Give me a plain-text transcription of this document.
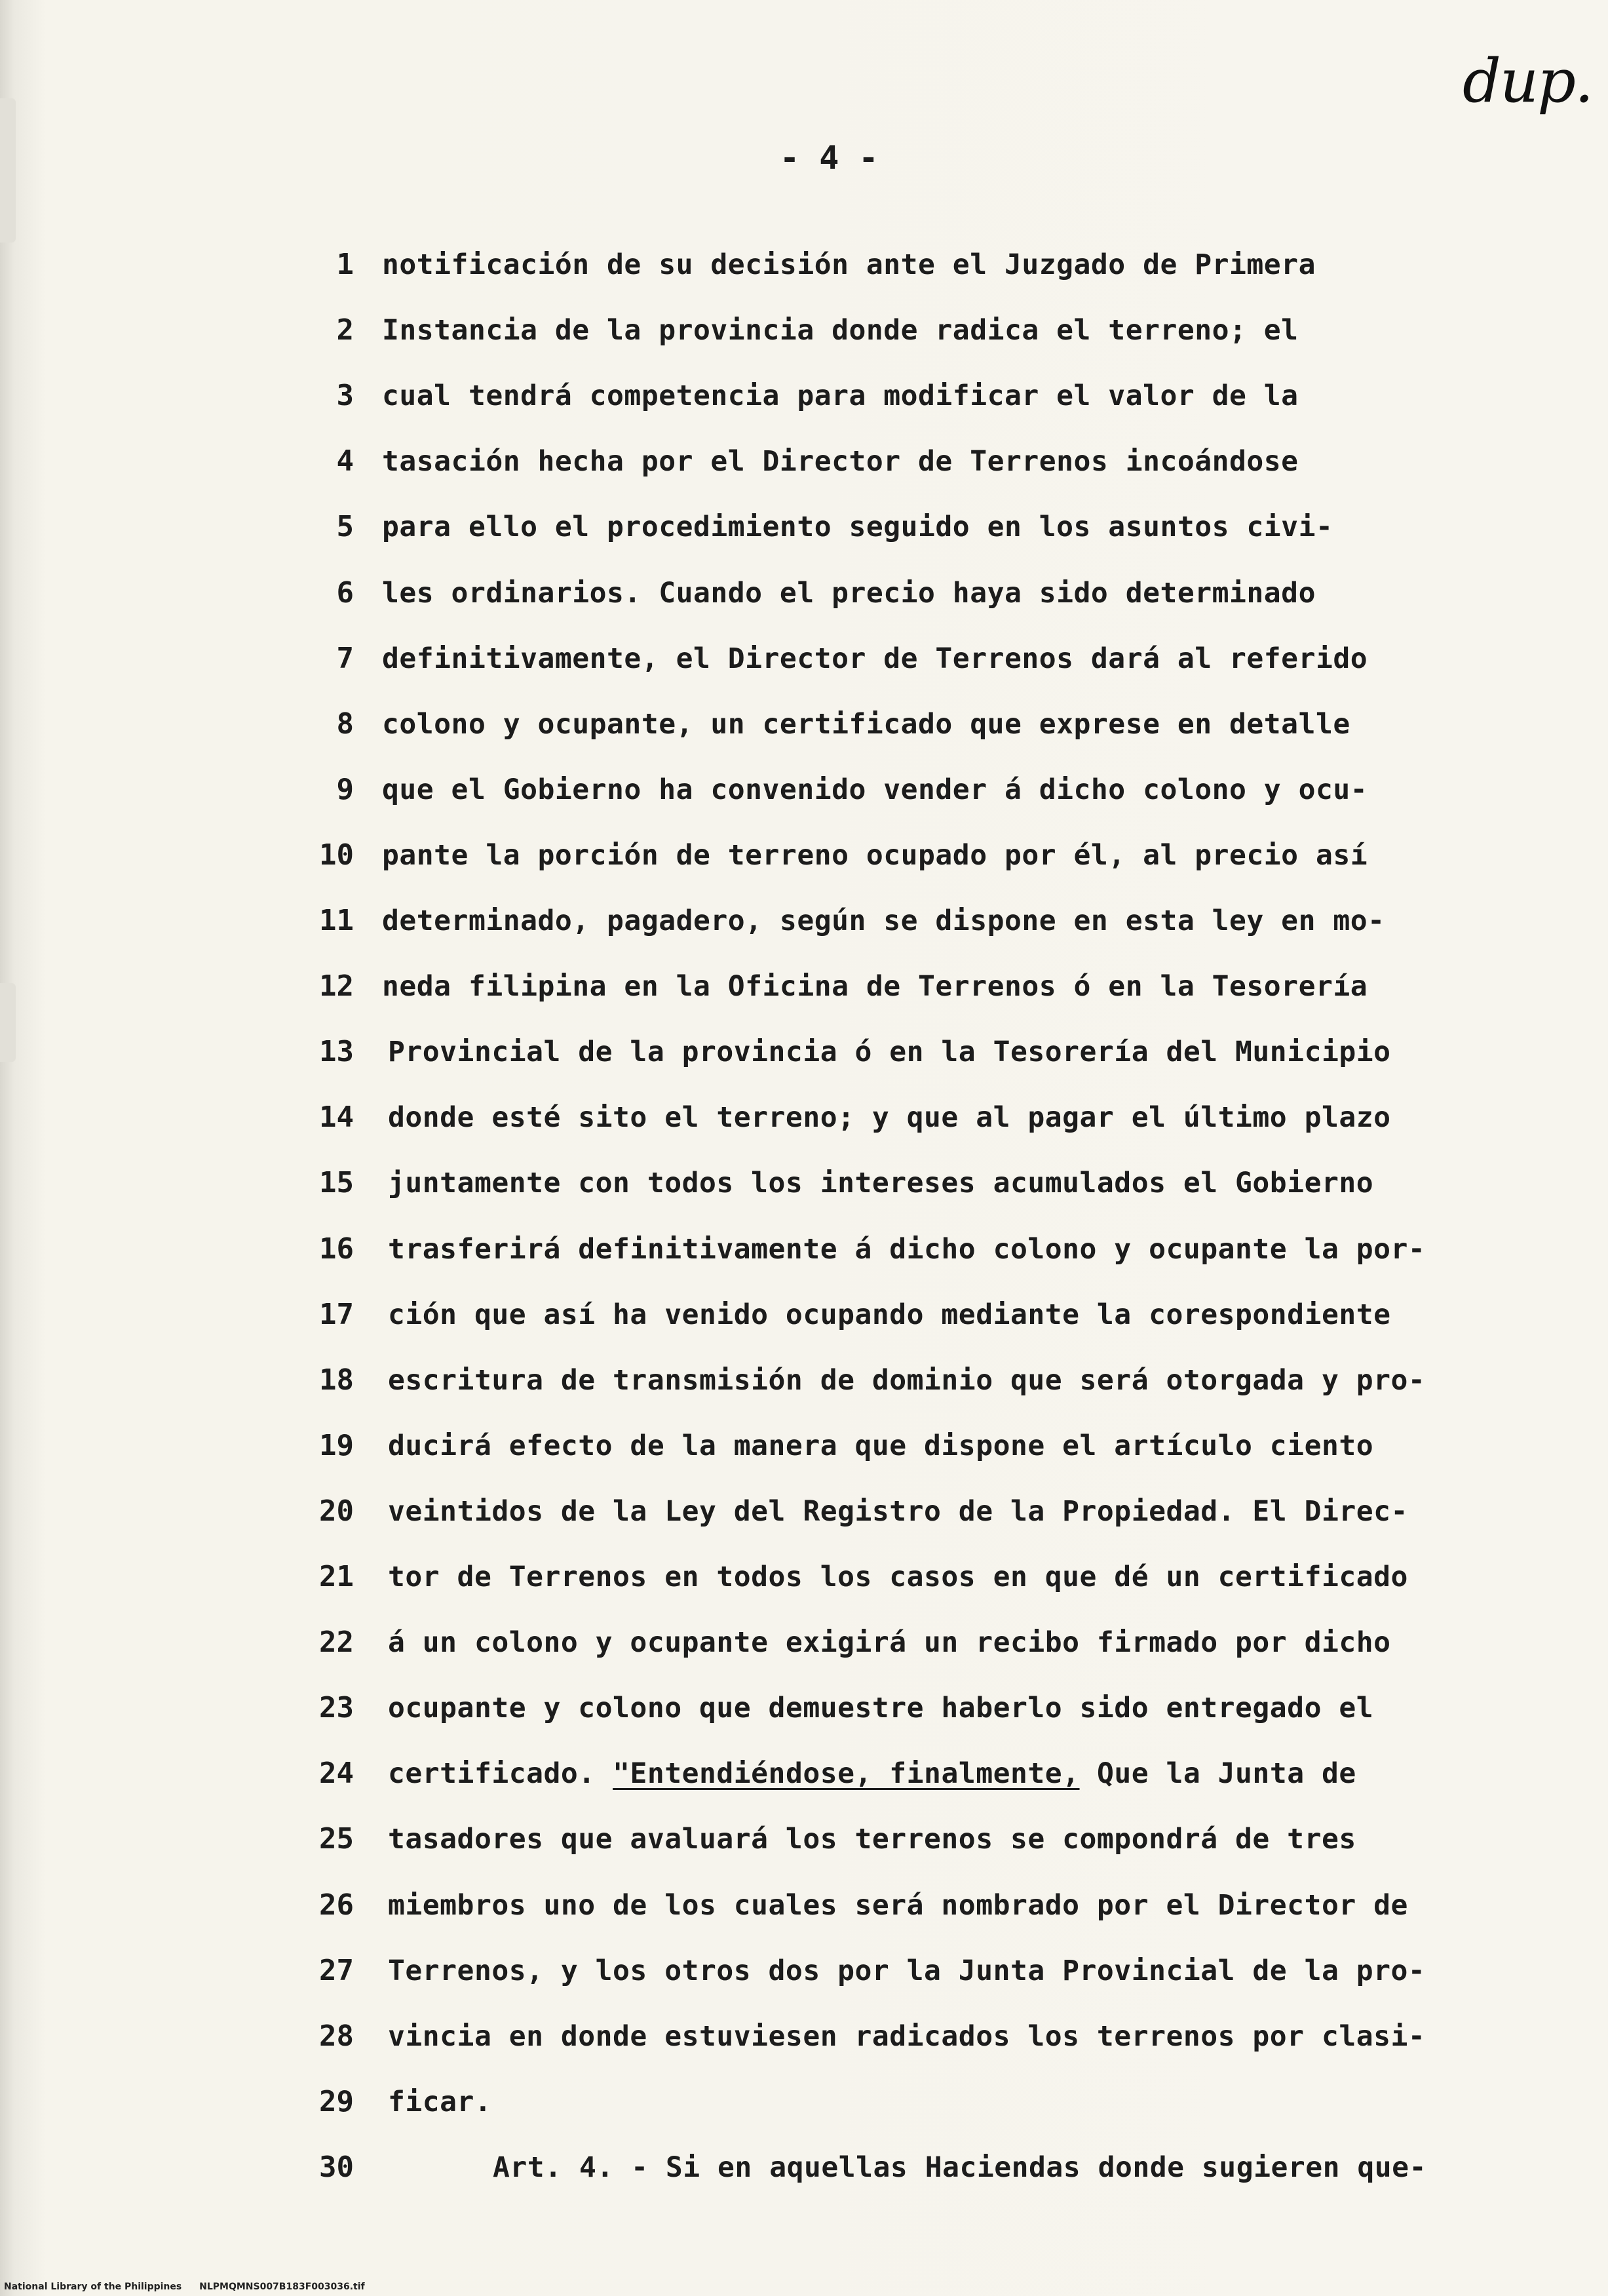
dup.
- 4 -
1 notificación de su decisión ante el Juzgado de Primera
2 Instancia de la provincia donde radica el terreno; el
3 cual tendrá competencia para modificar el valor de la
4 tasación hecha por el Director de Terrenos incoándose
5 para ello el procedimiento seguido en los asuntos civi-
6 les ordinarios. Cuando el precio haya sido determinado
7 definitivamente, el Director de Terrenos dará al referido
8 colono y ocupante, un certificado que exprese en detalle
9 que el Gobierno ha convenido vender á dicho colono y ocu-
10 pante la porción de terreno ocupado por él, al precio así
11 determinado, pagadero, según se dispone en esta ley en mo-
12 neda filipina en la Oficina de Terrenos ó en la Tesorería
13 Provincial de la provincia ó en la Tesorería del Municipio
14 donde esté sito el terreno; y que al pagar el último plazo
15 juntamente con todos los intereses acumulados el Gobierno
16 trasferirá definitivamente á dicho colono y ocupante la por-
17 ción que así ha venido ocupando mediante la corespondiente
18 escritura de transmisión de dominio que será otorgada y pro-
19 ducirá efecto de la manera que dispone el artículo ciento
20 veintidos de la Ley del Registro de la Propiedad. El Direc-
21 tor de Terrenos en todos los casos en que dé un certificado
22 á un colono y ocupante exigirá un recibo firmado por dicho
23 ocupante y colono que demuestre haberlo sido entregado el
24 certificado. "Entendiéndose, finalmente, Que la Junta de
25 tasadores que avaluará los terrenos se compondrá de tres
26 miembros uno de los cuales será nombrado por el Director de
27 Terrenos, y los otros dos por la Junta Provincial de la pro-
28 vincia en donde estuviesen radicados los terrenos por clasi-
29 ficar.
30	Art. 4. - Si en aquellas Haciendas donde sugieren que-
National Library of the Philippines NLPMQMNS007B183F003036.tif
